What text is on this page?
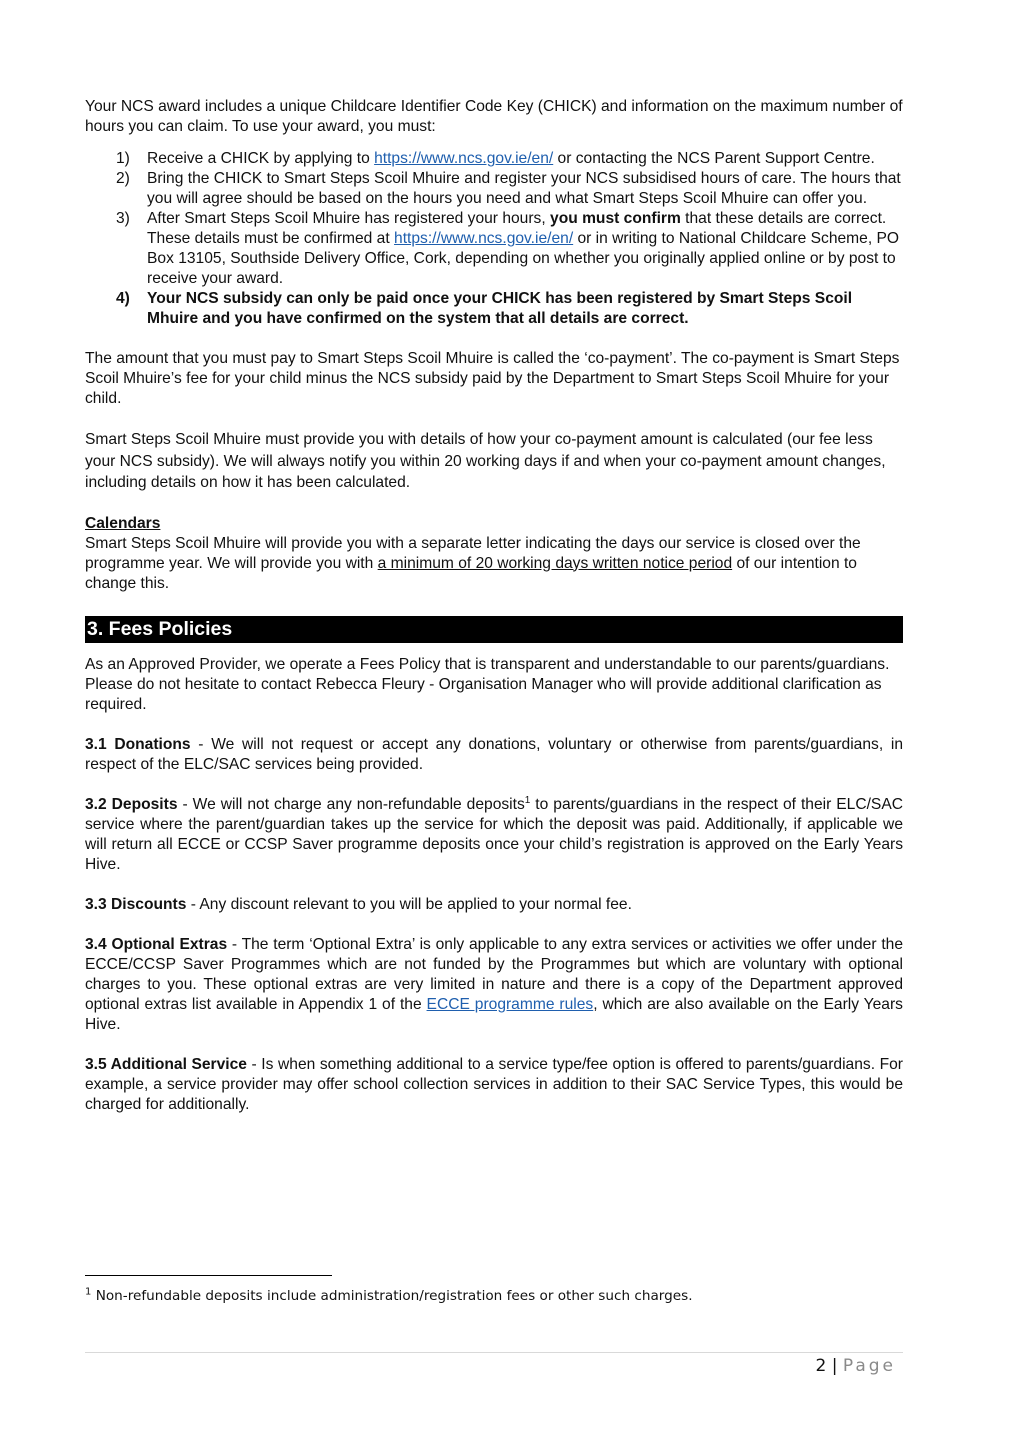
Your NCS award includes a unique Childcare Identifier Code Key (CHICK) and information on the maximum number of hours you can claim. To use your award, you must:

1) Receive a CHICK by applying to https://www.ncs.gov.ie/en/ or contacting the NCS Parent Support Centre.
2) Bring the CHICK to Smart Steps Scoil Mhuire and register your NCS subsidised hours of care. The hours that you will agree should be based on the hours you need and what Smart Steps Scoil Mhuire can offer you.
3) After Smart Steps Scoil Mhuire has registered your hours, you must confirm that these details are correct. These details must be confirmed at https://www.ncs.gov.ie/en/ or in writing to National Childcare Scheme, PO Box 13105, Southside Delivery Office, Cork, depending on whether you originally applied online or by post to receive your award.
4) Your NCS subsidy can only be paid once your CHICK has been registered by Smart Steps Scoil Mhuire and you have confirmed on the system that all details are correct.

The amount that you must pay to Smart Steps Scoil Mhuire is called the ‘co-payment’. The co-payment is Smart Steps Scoil Mhuire’s fee for your child minus the NCS subsidy paid by the Department to Smart Steps Scoil Mhuire for your child.

Smart Steps Scoil Mhuire must provide you with details of how your co-payment amount is calculated (our fee less your NCS subsidy). We will always notify you within 20 working days if and when your co-payment amount changes, including details on how it has been calculated.

Calendars

Smart Steps Scoil Mhuire will provide you with a separate letter indicating the days our service is closed over the programme year. We will provide you with a minimum of 20 working days written notice period of our intention to change this.

3. Fees Policies

As an Approved Provider, we operate a Fees Policy that is transparent and understandable to our parents/guardians. Please do not hesitate to contact Rebecca Fleury - Organisation Manager who will provide additional clarification as required.

3.1 Donations - We will not request or accept any donations, voluntary or otherwise from parents/guardians, in respect of the ELC/SAC services being provided.

3.2 Deposits - We will not charge any non-refundable deposits$^1$ to parents/guardians in the respect of their ELC/SAC service where the parent/guardian takes up the service for which the deposit was paid. Additionally, if applicable we will return all ECCE or CCSP Saver programme deposits once your child’s registration is approved on the Early Years Hive.

3.3 Discounts - Any discount relevant to you will be applied to your normal fee.

3.4 Optional Extras - The term ‘Optional Extra’ is only applicable to any extra services or activities we offer under the ECCE/CCSP Saver Programmes which are not funded by the Programmes but which are voluntary with optional charges to you. These optional extras are very limited in nature and there is a copy of the Department approved optional extras list available in Appendix 1 of the ECCE programme rules, which are also available on the Early Years Hive.

3.5 Additional Service - Is when something additional to a service type/fee option is offered to parents/guardians. For example, a service provider may offer school collection services in addition to their SAC Service Types, this would be charged for additionally.

$^1$ Non-refundable deposits include administration/registration fees or other such charges.

2 | Page
